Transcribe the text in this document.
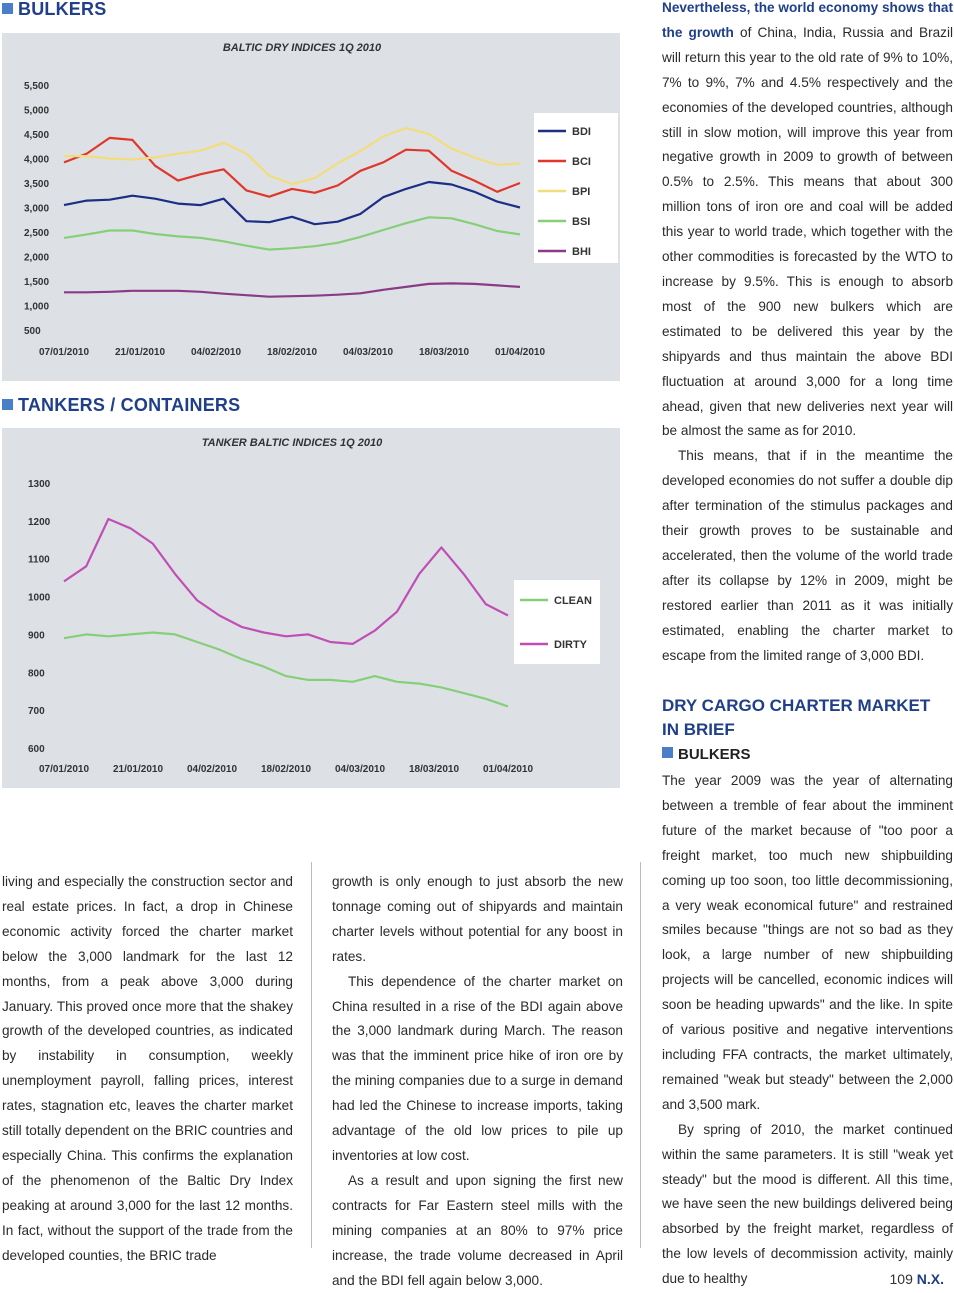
BULKERS
BALTIC DRY INDICES 1Q 2010
500
1,000
1,500
2,000
2,500
3,000
3,500
4,000
4,500
5,000
5,500
07/01/2010	21/01/2010	04/02/2010	18/02/2010	04/03/2010	18/03/2010	01/04/2010
BDI
BCI
BPI
BSI
BHI
TANKERS / CONTAINERS
TANKER BALTIC INDICES 1Q 2010
600
700
800
900
1000
1100
1200
1300
07/01/2010 21/01/2010 04/02/2010 18/02/2010 04/03/2010 18/03/2010 01/04/2010
CLEAN
DIRTY

living and especially the construction sector and real estate prices. In fact, a drop in Chinese economic activity forced the charter market below the 3,000 landmark for the last 12 months, from a peak above 3,000 during January. This proved once more that the shakey growth of the developed countries, as indicated by instability in consumption, weekly unemployment payroll, falling prices, interest rates, stagnation etc, leaves the charter market still totally dependent on the BRIC countries and especially China. This confirms the explanation of the phenomenon of the Baltic Dry Index peaking at around 3,000 for the last 12 months. In fact, without the support of the trade from the developed counties, the BRIC trade

growth is only enough to just absorb the new tonnage coming out of shipyards and maintain charter levels without potential for any boost in rates.

This dependence of the charter market on China resulted in a rise of the BDI again above the 3,000 landmark during March. The reason was that the imminent price hike of iron ore by the mining companies due to a surge in demand had led the Chinese to increase imports, taking advantage of the old low prices to pile up inventories at low cost.

As a result and upon signing the first new contracts for Far Eastern steel mills with the mining companies at an 80% to 97% price increase, the trade volume decreased in April and the BDI fell again below 3,000.

Nevertheless, the world economy shows that the growth of China, India, Russia and Brazil will return this year to the old rate of 9% to 10%, 7% to 9%, 7% and 4.5% respectively and the economies of the developed countries, although still in slow motion, will improve this year from negative growth in 2009 to growth of between 0.5% to 2.5%. This means that about 300 million tons of iron ore and coal will be added this year to world trade, which together with the other commodities is forecasted by the WTO to increase by 9.5%. This is enough to absorb most of the 900 new bulkers which are estimated to be delivered this year by the shipyards and thus maintain the above BDI fluctuation at around 3,000 for a long time ahead, given that new deliveries next year will be almost the same as for 2010.

This means, that if in the meantime the developed economies do not suffer a double dip after termination of the stimulus packages and their growth proves to be sustainable and accelerated, then the volume of the world trade after its collapse by 12% in 2009, might be restored earlier than 2011 as it was initially estimated, enabling the charter market to escape from the limited range of 3,000 BDI.

DRY CARGO CHARTER MARKET
IN BRIEF
BULKERS

The year 2009 was the year of alternating between a tremble of fear about the imminent future of the market because of "too poor a freight market, too much new shipbuilding coming up too soon, too little decommissioning, a very weak economical future" and restrained smiles because "things are not so bad as they look, a large number of new shipbuilding projects will be cancelled, economic indices will soon be heading upwards" and the like. In spite of various positive and negative interventions including FFA contracts, the market ultimately, remained "weak but steady" between the 2,000 and 3,500 mark.

By spring of 2010, the market continued within the same parameters. It is still "weak yet steady" but the mood is different. All this time, we have seen the new buildings delivered being absorbed by the freight market, regardless of the low levels of decommission activity, mainly due to healthy	109 N.X.
